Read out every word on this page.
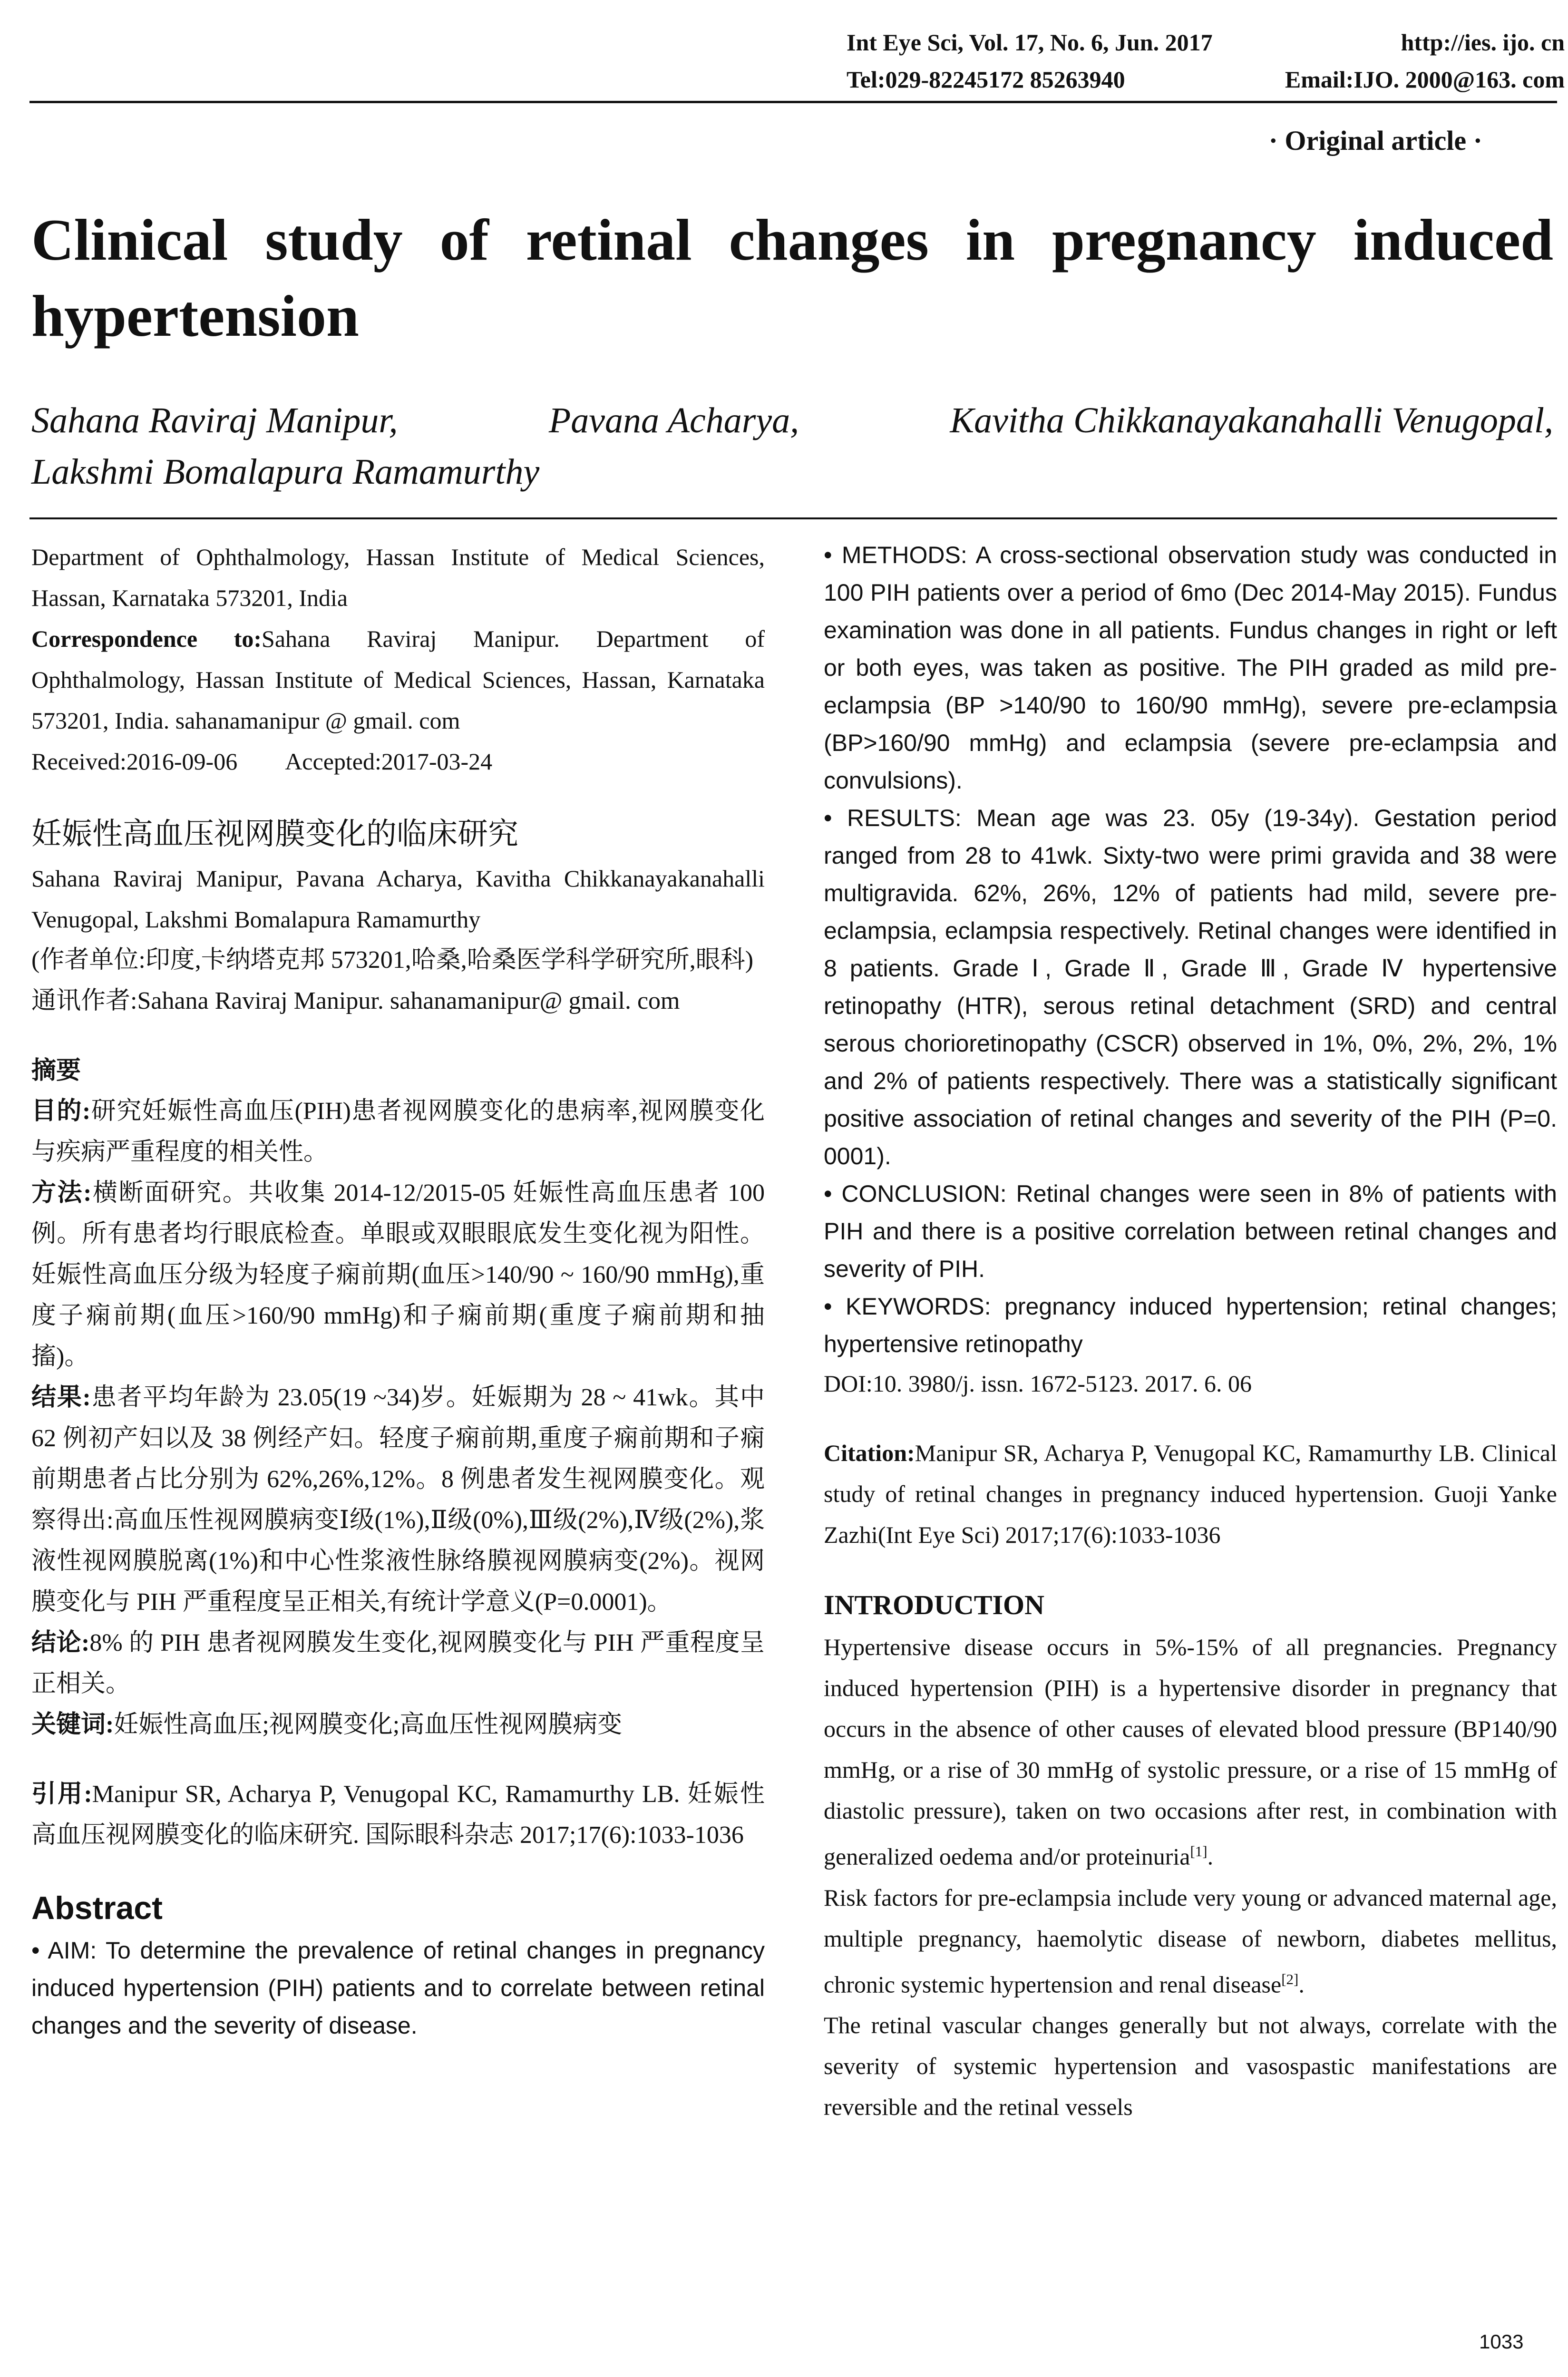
Int Eye Sci, Vol. 17, No. 6, Jun. 2017	http://ies. ijo. cn
Tel:029-82245172 85263940	Email:IJO. 2000@163. com
· Original article ·
Clinical study of retinal changes in pregnancy induced hypertension
Sahana Raviraj Manipur,	Pavana Acharya,	Kavitha Chikkanayakanahalli Venugopal,
Lakshmi Bomalapura Ramamurthy

Department of Ophthalmology, Hassan Institute of Medical Sciences, Hassan, Karnataka 573201, India

Correspondence to:Sahana Raviraj Manipur. Department of Ophthalmology, Hassan Institute of Medical Sciences, Hassan, Karnataka 573201, India. sahanamanipur @ gmail. com

Received:2016-09-06 Accepted:2017-03-24

妊娠性高血压视网膜变化的临床研究

Sahana Raviraj Manipur, Pavana Acharya, Kavitha Chikkanayakanahalli Venugopal, Lakshmi Bomalapura Ramamurthy

(作者单位:印度,卡纳塔克邦 573201,哈桑,哈桑医学科学研究所,眼科)

通讯作者:Sahana Raviraj Manipur. sahanamanipur@ gmail. com

摘要

目的:研究妊娠性高血压(PIH)患者视网膜变化的患病率,视网膜变化与疾病严重程度的相关性。

方法:横断面研究。共收集 2014-12/2015-05 妊娠性高血压患者 100 例。所有患者均行眼底检查。单眼或双眼眼底发生变化视为阳性。妊娠性高血压分级为轻度子痫前期(血压>140/90 ~ 160/90 mmHg),重度子痫前期(血压>160/90 mmHg)和子痫前期(重度子痫前期和抽搐)。

结果:患者平均年龄为 23.05(19 ~34)岁。妊娠期为 28 ~ 41wk。其中 62 例初产妇以及 38 例经产妇。轻度子痫前期,重度子痫前期和子痫前期患者占比分别为 62%,26%,12%。8 例患者发生视网膜变化。观察得出:高血压性视网膜病变Ⅰ级(1%),Ⅱ级(0%),Ⅲ级(2%),Ⅳ级(2%),浆液性视网膜脱离(1%)和中心性浆液性脉络膜视网膜病变(2%)。视网膜变化与 PIH 严重程度呈正相关,有统计学意义(P=0.0001)。

结论:8% 的 PIH 患者视网膜发生变化,视网膜变化与 PIH 严重程度呈正相关。

关键词:妊娠性高血压;视网膜变化;高血压性视网膜病变

引用:Manipur SR, Acharya P, Venugopal KC, Ramamurthy LB. 妊娠性高血压视网膜变化的临床研究. 国际眼科杂志 2017;17(6):1033-1036

Abstract

• AIM: To determine the prevalence of retinal changes in pregnancy induced hypertension (PIH) patients and to correlate between retinal changes and the severity of disease.

• METHODS: A cross-sectional observation study was conducted in 100 PIH patients over a period of 6mo (Dec 2014-May 2015). Fundus examination was done in all patients. Fundus changes in right or left or both eyes, was taken as positive. The PIH graded as mild pre-eclampsia (BP >140/90 to 160/90 mmHg), severe pre-eclampsia (BP>160/90 mmHg) and eclampsia (severe pre-eclampsia and convulsions).

• RESULTS: Mean age was 23. 05y (19-34y). Gestation period ranged from 28 to 41wk. Sixty-two were primi gravida and 38 were multigravida. 62%, 26%, 12% of patients had mild, severe pre-eclampsia, eclampsia respectively. Retinal changes were identified in 8 patients. Grade Ⅰ, Grade Ⅱ, Grade Ⅲ, Grade Ⅳ hypertensive retinopathy (HTR), serous retinal detachment (SRD) and central serous chorioretinopathy (CSCR) observed in 1%, 0%, 2%, 2%, 1% and 2% of patients respectively. There was a statistically significant positive association of retinal changes and severity of the PIH (P=0. 0001).

• CONCLUSION: Retinal changes were seen in 8% of patients with PIH and there is a positive correlation between retinal changes and severity of PIH.

• KEYWORDS: pregnancy induced hypertension; retinal changes; hypertensive retinopathy

DOI:10. 3980/j. issn. 1672-5123. 2017. 6. 06

Citation:Manipur SR, Acharya P, Venugopal KC, Ramamurthy LB. Clinical study of retinal changes in pregnancy induced hypertension. Guoji Yanke Zazhi(Int Eye Sci) 2017;17(6):1033-1036

INTRODUCTION

Hypertensive disease occurs in 5%-15% of all pregnancies. Pregnancy induced hypertension (PIH) is a hypertensive disorder in pregnancy that occurs in the absence of other causes of elevated blood pressure (BP140/90 mmHg, or a rise of 30 mmHg of systolic pressure, or a rise of 15 mmHg of diastolic pressure), taken on two occasions after rest, in combination with generalized oedema and/or proteinuria[1].

Risk factors for pre-eclampsia include very young or advanced maternal age, multiple pregnancy, haemolytic disease of newborn, diabetes mellitus, chronic systemic hypertension and renal disease[2].

The retinal vascular changes generally but not always, correlate with the severity of systemic hypertension and vasospastic manifestations are reversible and the retinal vessels

1033
